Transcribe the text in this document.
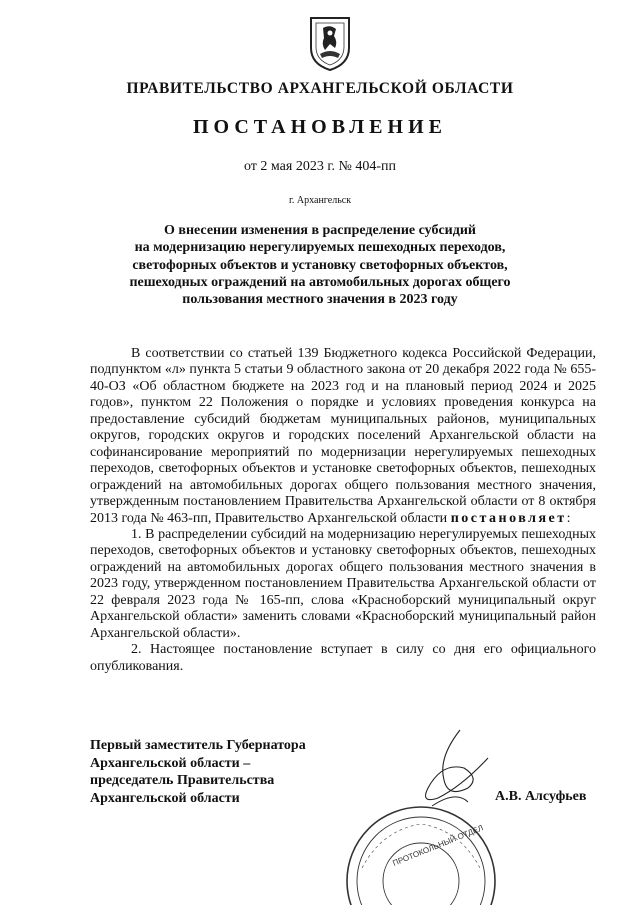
ПРАВИТЕЛЬСТВО АРХАНГЕЛЬСКОЙ ОБЛАСТИ
ПОСТАНОВЛЕНИЕ
от 2 мая 2023 г. № 404-пп
г. Архангельск
О внесении изменения в распределение субсидий
на модернизацию нерегулируемых пешеходных переходов,
светофорных объектов и установку светофорных объектов,
пешеходных ограждений на автомобильных дорогах общего
пользования местного значения в 2023 году

В соответствии со статьей 139 Бюджетного кодекса Российской Федерации, подпунктом «л» пункта 5 статьи 9 областного закона от 20 декабря 2022 года № 655-40-ОЗ «Об областном бюджете на 2023 год и на плановый период 2024 и 2025 годов», пунктом 22 Положения о порядке и условиях проведения конкурса на предоставление субсидий бюджетам муниципальных районов, муниципальных округов, городских округов и городских поселений Архангельской области на софинансирование мероприятий по модернизации нерегулируемых пешеходных переходов, светофорных объектов и установке светофорных объектов, пешеходных ограждений на автомобильных дорогах общего пользования местного значения, утвержденным постановлением Правительства Архангельской области от 8 октября 2013 года № 463-пп, Правительство Архангельской области постановляет:

1. В распределении субсидий на модернизацию нерегулируемых пешеходных переходов, светофорных объектов и установку светофорных объектов, пешеходных ограждений на автомобильных дорогах общего пользования местного значения в 2023 году, утвержденном постановлением Правительства Архангельской области от 22 февраля 2023 года № 165-пп, слова «Красноборский муниципальный округ Архангельской области» заменить словами «Красноборский муниципальный район Архангельской области».

2. Настоящее постановление вступает в силу со дня его официального опубликования.

Первый заместитель Губернатора
Архангельской области –
председатель Правительства
Архангельской области	А.В. Алсуфьев
ПРОТОКОЛЬНЫЙ ОТДЕЛ
